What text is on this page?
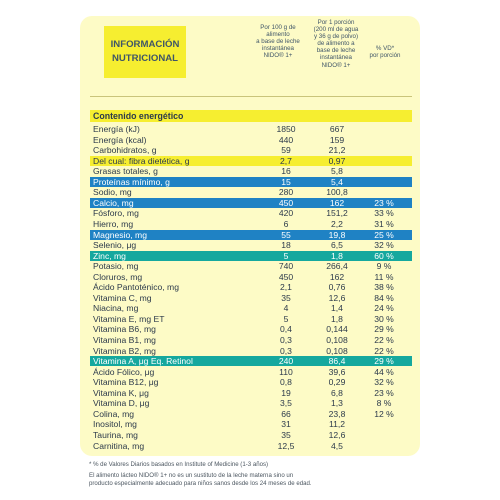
INFORMACIÓN
NUTRICIONAL
Por 100 g de
alimento
a base de leche
instantánea
NIDO® 1+
Por 1 porción
(200 ml de agua
y 36 g de polvo)
de alimento a
base de leche
instantánea
NIDO® 1+
% VD*
por porción
Contenido energético
Energía (kJ)	1850	667
Energía (kcal)	440	159
Carbohidratos, g	59	21,2
Del cual: fibra dietética, g	2,7	0,97
Grasas totales, g	16	5,8
Proteínas mínimo, g	15	5,4
Sodio, mg	280	100,8
Calcio, mg	450	162	23 %
Fósforo, mg	420	151,2	33 %
Hierro, mg	6	2,2	31 %
Magnesio, mg	55	19,8	25 %
Selenio, μg	18	6,5	32 %
Zinc, mg	5	1,8	60 %
Potasio, mg	740	266,4	9 %
Cloruros, mg	450	162	11 %
Ácido Pantoténico, mg	2,1	0,76	38 %
Vitamina C, mg	35	12,6	84 %
Niacina, mg	4	1,4	24 %
Vitamina E, mg ET	5	1,8	30 %
Vitamina B6, mg	0,4	0,144	29 %
Vitamina B1, mg	0,3	0,108	22 %
Vitamina B2, mg	0,3	0,108	22 %
Vitamina A, μg Eq. Retinol	240	86,4	29 %
Ácido Fólico, μg	110	39,6	44 %
Vitamina B12, μg	0,8	0,29	32 %
Vitamina K, μg	19	6,8	23 %
Vitamina D, μg	3,5	1,3	8 %
Colina, mg	66	23,8	12 %
Inositol, mg	31	11,2
Taurina, mg	35	12,6
Carnitina, mg	12,5	4,5
* % de Valores Diarios basados en Institute of Medicine (1-3 años)
El alimento lácteo NIDO® 1+ no es un sustituto de la leche materna sino un
producto especialmente adecuado para niños sanos desde los 24 meses de edad.
